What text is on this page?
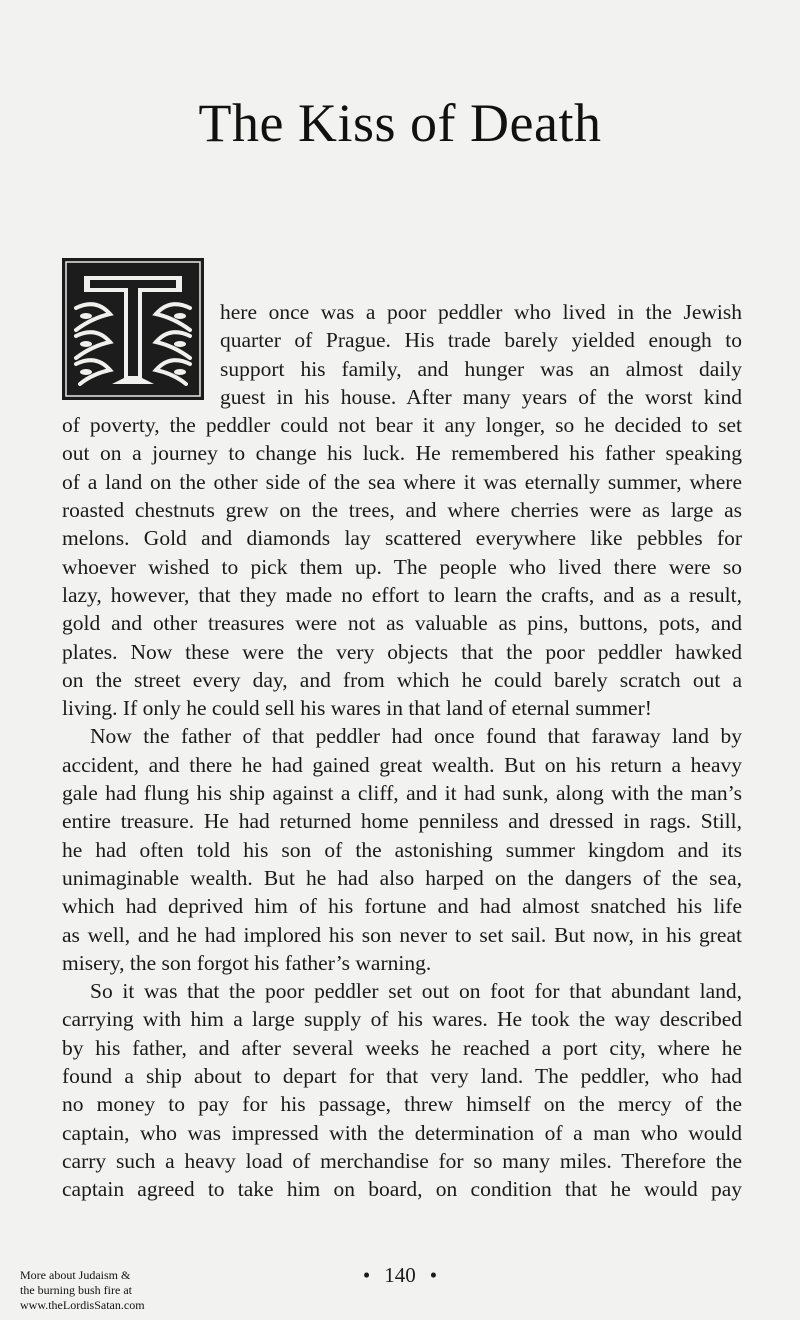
The Kiss of Death
here once was a poor peddler who lived in the Jewish
quarter of Prague. His trade barely yielded enough to
support his family, and hunger was an almost daily
guest in his house. After many years of the worst kind
of poverty, the peddler could not bear it any longer, so he decided to set
out on a journey to change his luck. He remembered his father speaking
of a land on the other side of the sea where it was eternally summer, where
roasted chestnuts grew on the trees, and where cherries were as large as
melons. Gold and diamonds lay scattered everywhere like pebbles for
whoever wished to pick them up. The people who lived there were so
lazy, however, that they made no effort to learn the crafts, and as a result,
gold and other treasures were not as valuable as pins, buttons, pots, and
plates. Now these were the very objects that the poor peddler hawked
on the street every day, and from which he could barely scratch out a
living. If only he could sell his wares in that land of eternal summer!
Now the father of that peddler had once found that faraway land by
accident, and there he had gained great wealth. But on his return a heavy
gale had flung his ship against a cliff, and it had sunk, along with the man’s
entire treasure. He had returned home penniless and dressed in rags. Still,
he had often told his son of the astonishing summer kingdom and its
unimaginable wealth. But he had also harped on the dangers of the sea,
which had deprived him of his fortune and had almost snatched his life
as well, and he had implored his son never to set sail. But now, in his great
misery, the son forgot his father’s warning.
So it was that the poor peddler set out on foot for that abundant land,
carrying with him a large supply of his wares. He took the way described
by his father, and after several weeks he reached a port city, where he
found a ship about to depart for that very land. The peddler, who had
no money to pay for his passage, threw himself on the mercy of the
captain, who was impressed with the determination of a man who would
carry such a heavy load of merchandise for so many miles. Therefore the
captain agreed to take him on board, on condition that he would pay
• 140 •
More about Judaism &
the burning bush fire at
www.theLordisSatan.com
